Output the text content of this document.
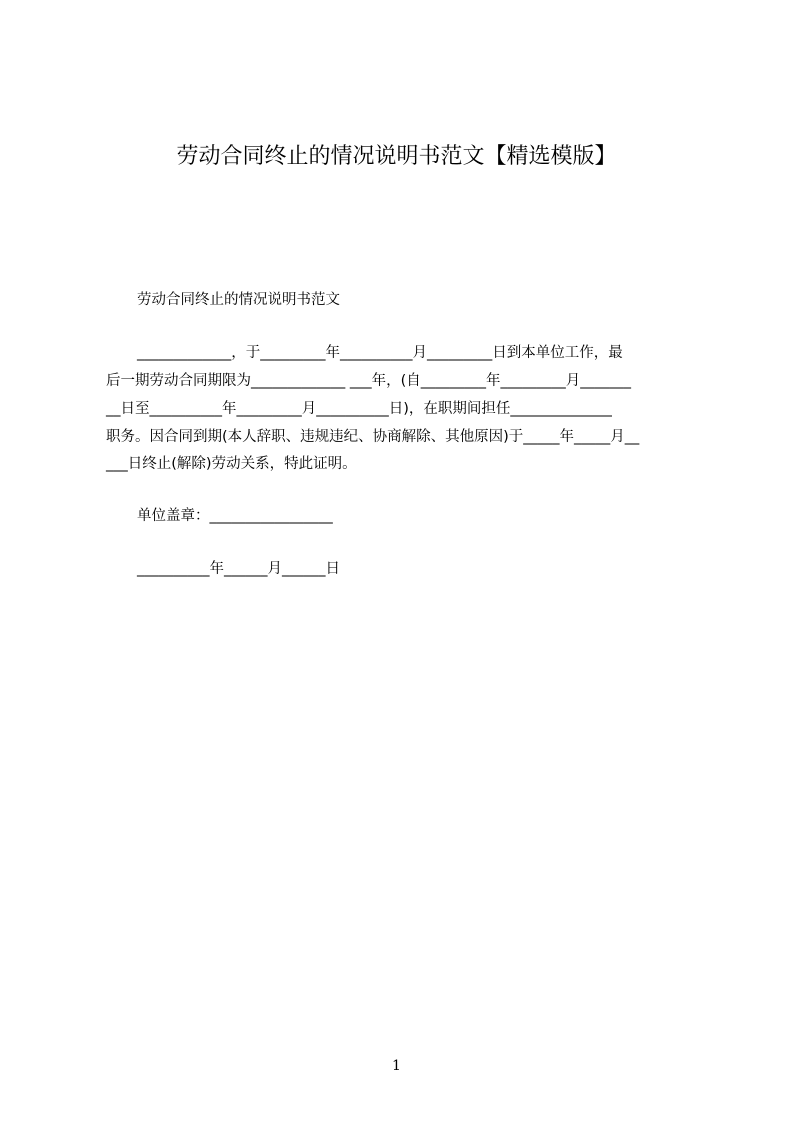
劳动合同终止的情况说明书范文【精选模版】
劳动合同终止的情况说明书范文
_____________，于_________年__________月_________日到本单位工作，最
后一期劳动合同期限为_____________ ___年，(自_________年_________月_______
__日至__________年_________月__________日)，在职期间担任______________
职务。因合同到期(本人辞职、违规违纪、协商解除、其他原因)于_____年_____月__
___日终止(解除)劳动关系，特此证明。
单位盖章：_________________
__________年______月______日
1
